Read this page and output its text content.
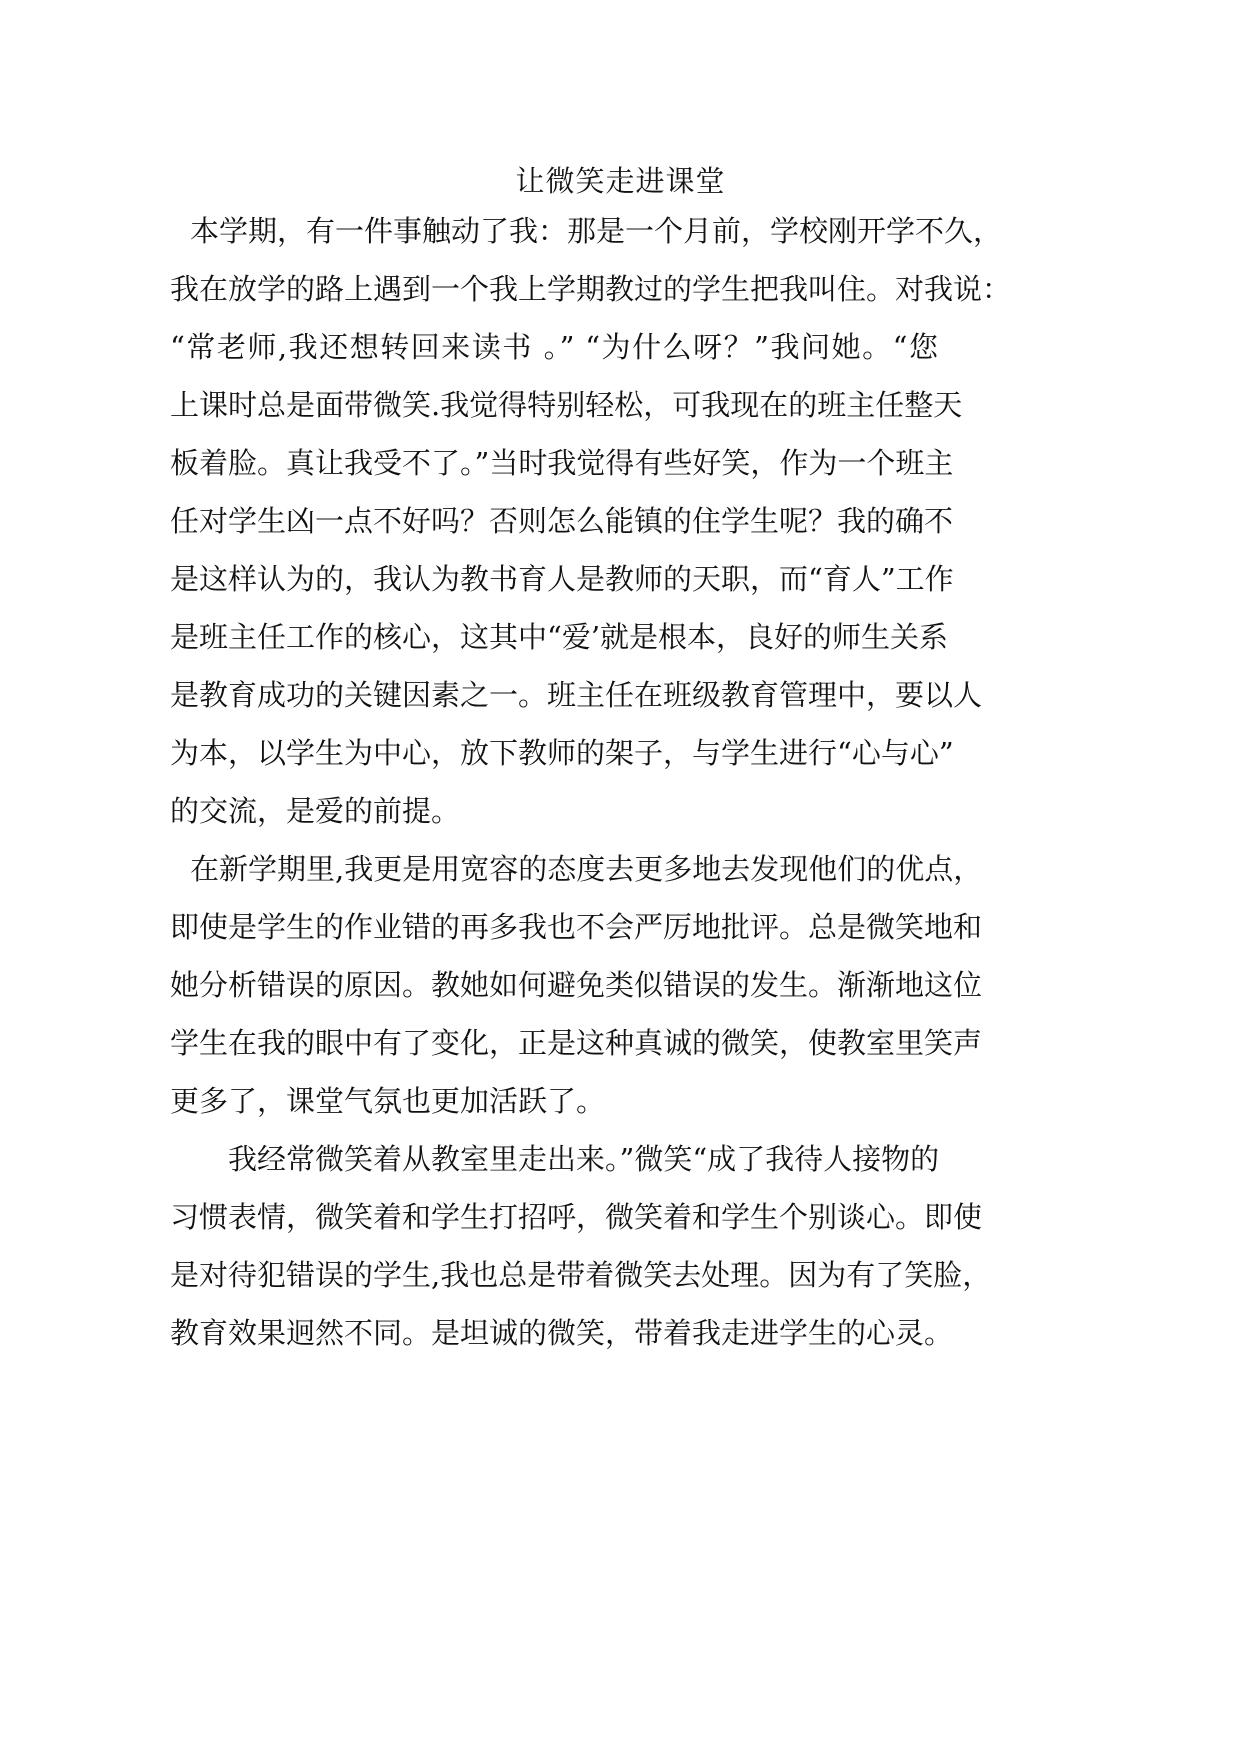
让微笑走进课堂
本学期，有一件事触动了我：那是一个月前，学校刚开学不久，
我在放学的路上遇到一个我上学期教过的学生把我叫住。对我说：
“常老师,我还想转回来读书 。” “为什么呀？”我问她。“您
上课时总是面带微笑.我觉得特别轻松，可我现在的班主任整天
板着脸。真让我受不了。”当时我觉得有些好笑，作为一个班主
任对学生凶一点不好吗？否则怎么能镇的住学生呢？我的确不
是这样认为的，我认为教书育人是教师的天职，而“育人”工作
是班主任工作的核心，这其中“爱’就是根本，良好的师生关系
是教育成功的关键因素之一。班主任在班级教育管理中，要以人
为本，以学生为中心，放下教师的架子，与学生进行“心与心”
的交流，是爱的前提。
在新学期里,我更是用宽容的态度去更多地去发现他们的优点，
即使是学生的作业错的再多我也不会严厉地批评。总是微笑地和
她分析错误的原因。教她如何避免类似错误的发生。渐渐地这位
学生在我的眼中有了变化，正是这种真诚的微笑，使教室里笑声
更多了，课堂气氛也更加活跃了。
我经常微笑着从教室里走出来。”微笑“成了我待人接物的
习惯表情，微笑着和学生打招呼，微笑着和学生个别谈心。即使
是对待犯错误的学生,我也总是带着微笑去处理。因为有了笑脸，
教育效果迥然不同。是坦诚的微笑，带着我走进学生的心灵。
